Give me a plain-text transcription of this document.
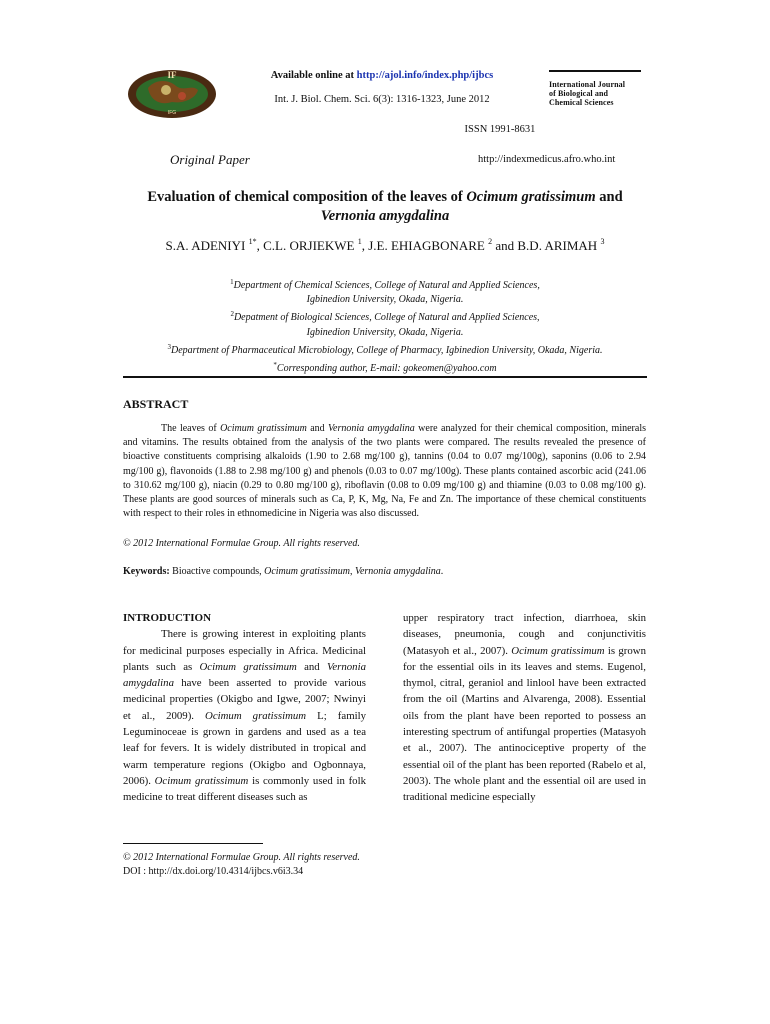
IF
IFG
Available online at http://ajol.info/index.php/ijbcs
Int. J. Biol. Chem. Sci. 6(3): 1316-1323, June 2012
ISSN 1991-8631
International Journal
of Biological and
Chemical Sciences
Original Paper	http://indexmedicus.afro.who.int
Evaluation of chemical composition of the leaves of Ocimum gratissimum and
Vernonia amygdalina
S.A. ADENIYI $^{1*}$, C.L. ORJIEKWE $^1$, J.E. EHIAGBONARE $^2$ and B.D. ARIMAH $^3$
$^1$Department of Chemical Sciences, College of Natural and Applied Sciences,
Igbinedion University, Okada, Nigeria.
$^2$Depatment of Biological Sciences, College of Natural and Applied Sciences,
Igbinedion University, Okada, Nigeria.
$^3$Department of Pharmaceutical Microbiology, College of Pharmacy, Igbinedion University, Okada, Nigeria.
*Corresponding author, E-mail: gokeomen@yahoo.com
ABSTRACT
The leaves of Ocimum gratissimum and Vernonia amygdalina were analyzed for their chemical composition, minerals and vitamins. The results obtained from the analysis of the two plants were compared. The results revealed the presence of bioactive constituents comprising alkaloids (1.90 to 2.68 mg/100 g), tannins (0.04 to 0.07 mg/100g), saponins (0.06 to 2.94 mg/100 g), flavonoids (1.88 to 2.98 mg/100 g) and phenols (0.03 to 0.07 mg/100g). These plants contained ascorbic acid (241.06 to 310.62 mg/100 g), niacin (0.29 to 0.80 mg/100 g), riboflavin (0.08 to 0.09 mg/100 g) and thiamine (0.03 to 0.08 mg/100 g). These plants are good sources of minerals such as Ca, P, K, Mg, Na, Fe and Zn. The importance of these chemical constituents with respect to their roles in ethnomedicine in Nigeria was also discussed.
© 2012 International Formulae Group. All rights reserved.
Keywords: Bioactive compounds, Ocimum gratissimum, Vernonia amygdalina.
INTRODUCTION
There is growing interest in exploiting plants for medicinal purposes especially in Africa. Medicinal plants such as Ocimum gratissimum and Vernonia amygdalina have been asserted to provide various medicinal properties (Okigbo and Igwe, 2007; Nwinyi et al., 2009). Ocimum gratissimum L; family Leguminoceae is grown in gardens and used as a tea leaf for fevers. It is widely distributed in tropical and warm temperature regions (Okigbo and Ogbonnaya, 2006). Ocimum gratissimum is commonly used in folk medicine to treat different diseases such as
upper respiratory tract infection, diarrhoea, skin diseases, pneumonia, cough and conjunctivitis (Matasyoh et al., 2007). Ocimum gratissimum is grown for the essential oils in its leaves and stems. Eugenol, thymol, citral, geraniol and linlool have been extracted from the oil (Martins and Alvarenga, 2008). Essential oils from the plant have been reported to possess an interesting spectrum of antifungal properties (Matasyoh et al., 2007). The antinociceptive property of the essential oil of the plant has been reported (Rabelo et al, 2003). The whole plant and the essential oil are used in traditional medicine especially
© 2012 International Formulae Group. All rights reserved.
DOI : http://dx.doi.org/10.4314/ijbcs.v6i3.34
